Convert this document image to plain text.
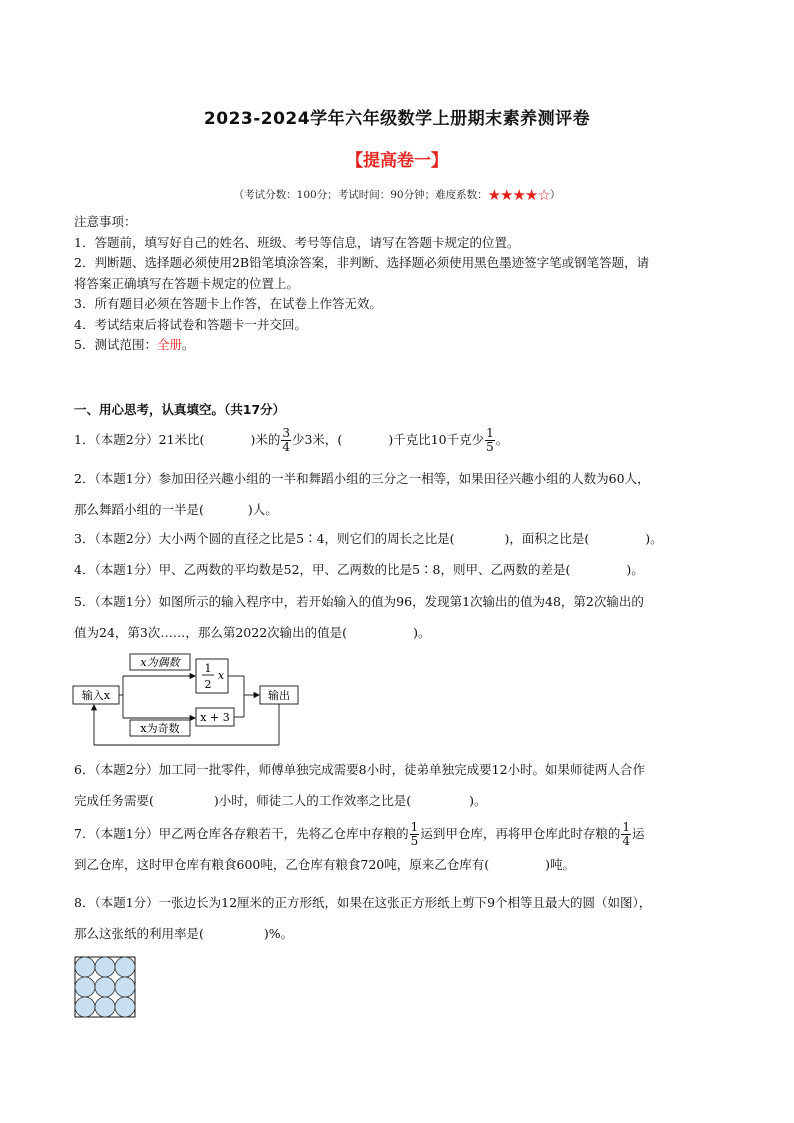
2023-2024学年六年级数学上册期末素养测评卷
【提高卷一】
（考试分数：100分；考试时间：90分钟；难度系数：★★★★☆）
注意事项：
1．答题前，填写好自己的姓名、班级、考号等信息，请写在答题卡规定的位置。
2．判断题、选择题必须使用2B铅笔填涂答案，非判断、选择题必须使用黑色墨迹签字笔或钢笔答题，请
将答案正确填写在答题卡规定的位置上。
3．所有题目必须在答题卡上作答，在试卷上作答无效。
4．考试结束后将试卷和答题卡一并交回。
5．测试范围：全册。
一、用心思考，认真填空。（共17分）
1．（本题2分）21米比(	)米的 $\frac{3}{4}$ 少3米，(	)千克比10千克少 $\frac{1}{5}$ 。
2．（本题1分）参加田径兴趣小组的一半和舞蹈小组的三分之一相等，如果田径兴趣小组的人数为60人，
那么舞蹈小组的一半是(	)人。
3．（本题2分）大小两个圆的直径之比是5∶4，则它们的周长之比是(	)，面积之比是(	)。
4．（本题1分）甲、乙两数的平均数是52，甲、乙两数的比是5∶8，则甲、乙两数的差是(	)。
5．（本题1分）如图所示的输入程序中，若开始输入的值为96，发现第1次输出的值为48，第2次输出的
值为24，第3次……，那么第2022次输出的值是(	)。
输入x
x为偶数
x为奇数
1
2
x
x + 3
输出
6．（本题2分）加工同一批零件，师傅单独完成需要8小时，徒弟单独完成要12小时。如果师徒两人合作
完成任务需要(	)小时，师徒二人的工作效率之比是(	)。
7．（本题1分）甲乙两仓库各存粮若干，先将乙仓库中存粮的 $\frac{1}{5}$ 运到甲仓库，再将甲仓库此时存粮的 $\frac{1}{4}$ 运
到乙仓库，这时甲仓库有粮食600吨，乙仓库有粮食720吨，原来乙仓库有(	)吨。
8．（本题1分）一张边长为12厘米的正方形纸，如果在这张正方形纸上剪下9个相等且最大的圆（如图），
那么这张纸的利用率是(	)%。
